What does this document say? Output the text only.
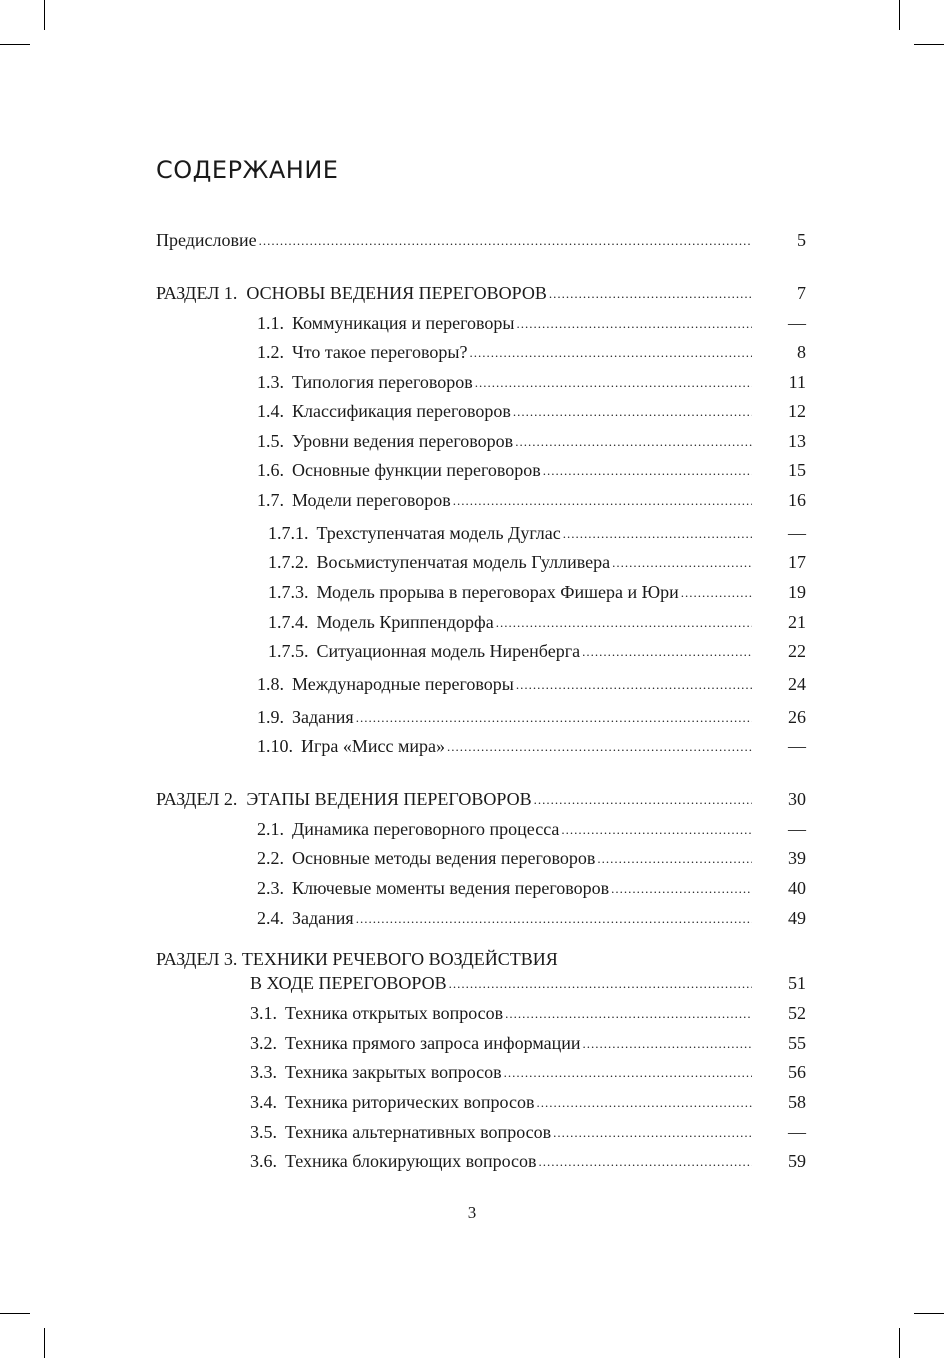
СОДЕРЖАНИЕ
Предисловие .....	5
РАЗДЕЛ 1.  ОСНОВЫ ВЕДЕНИЯ ПЕРЕГОВОРОВ .....	7
1.1. Коммуникация и переговоры .....	—
1.2. Что такое переговоры? .....	8
1.3. Типология переговоров .....	11
1.4. Классификация переговоров .....	12
1.5. Уровни ведения переговоров .....	13
1.6. Основные функции переговоров .....	15
1.7. Модели переговоров .....	16
1.7.1. Трехступенчатая модель Дуглас .....	—
1.7.2. Восьмиступенчатая модель Гулливера .....	17
1.7.3. Модель прорыва в переговорах Фишера и Юри .....	19
1.7.4. Модель Криппендорфа .....	21
1.7.5. Ситуационная модель Ниренберга .....	22
1.8. Международные переговоры .....	24
1.9. Задания .....	26
1.10. Игра «Мисс мира» .....	—
РАЗДЕЛ 2.  ЭТАПЫ ВЕДЕНИЯ ПЕРЕГОВОРОВ .....	30
2.1. Динамика переговорного процесса .....	—
2.2. Основные методы ведения переговоров .....	39
2.3. Ключевые моменты ведения переговоров .....	40
2.4. Задания .....	49
РАЗДЕЛ 3. ТЕХНИКИ РЕЧЕВОГО ВОЗДЕЙСТВИЯ
В ХОДЕ ПЕРЕГОВОРОВ .....	51
3.1. Техника открытых вопросов .....	52
3.2. Техника прямого запроса информации .....	55
3.3. Техника закрытых вопросов .....	56
3.4. Техника риторических вопросов .....	58
3.5. Техника альтернативных вопросов .....	—
3.6. Техника блокирующих вопросов .....	59
3
